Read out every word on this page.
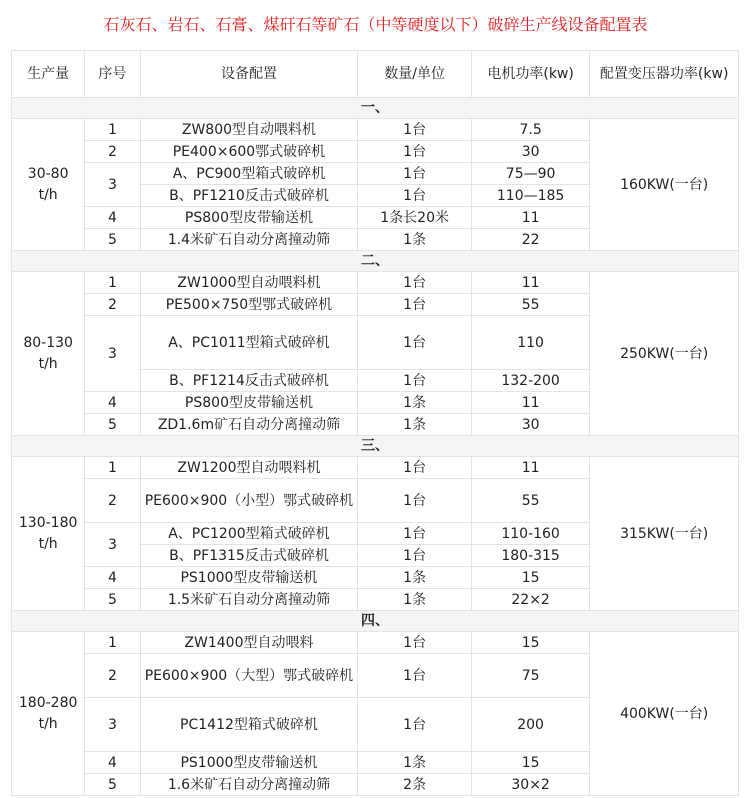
石灰石、岩石、石膏、煤矸石等矿石（中等硬度以下）破碎生产线设备配置表
生产量	序号	设备配置	数量/单位	电机功率(kw)	配置变压器功率(kw)
一、					
30-80
t/h	1	ZW800型自动喂料机	1台	7.5	160KW(一台)
	2	PE400×600鄂式破碎机	1台	30	
	3	A、PC900型箱式破碎机	1台	75—90	
		B、PF1210反击式破碎机	1台	110—185	
	4	PS800型皮带输送机	1条长20米	11	
	5	1.4米矿石自动分离撞动筛	1条	22	
二、					
80-130
t/h	1	ZW1000型自动喂料机	1台	11	250KW(一台)
	2	PE500×750型鄂式破碎机	1台	55	
	3	A、PC1011型箱式破碎机	1台	110	
		B、PF1214反击式破碎机	1台	132-200	
	4	PS800型皮带输送机	1条	11	
	5	ZD1.6m矿石自动分离撞动筛	1条	30	
三、					
130-180
t/h	1	ZW1200型自动喂料机	1台	11	315KW(一台)
	2	PE600×900（小型）鄂式破碎机	1台	55	
	3	A、PC1200型箱式破碎机	1台	110-160	
		B、PF1315反击式破碎机	1台	180-315	
	4	PS1000型皮带输送机	1条	15	
	5	1.5米矿石自动分离撞动筛	1条	22×2	
四、					
180-280
t/h	1	ZW1400型自动喂料	1台	15	400KW(一台)
	2	PE600×900（大型）鄂式破碎机	1台	75	
	3	PC1412型箱式破碎机	1台	200	
	4	PS1000型皮带输送机	1条	15	
	5	1.6米矿石自动分离撞动筛	2条	30×2	
